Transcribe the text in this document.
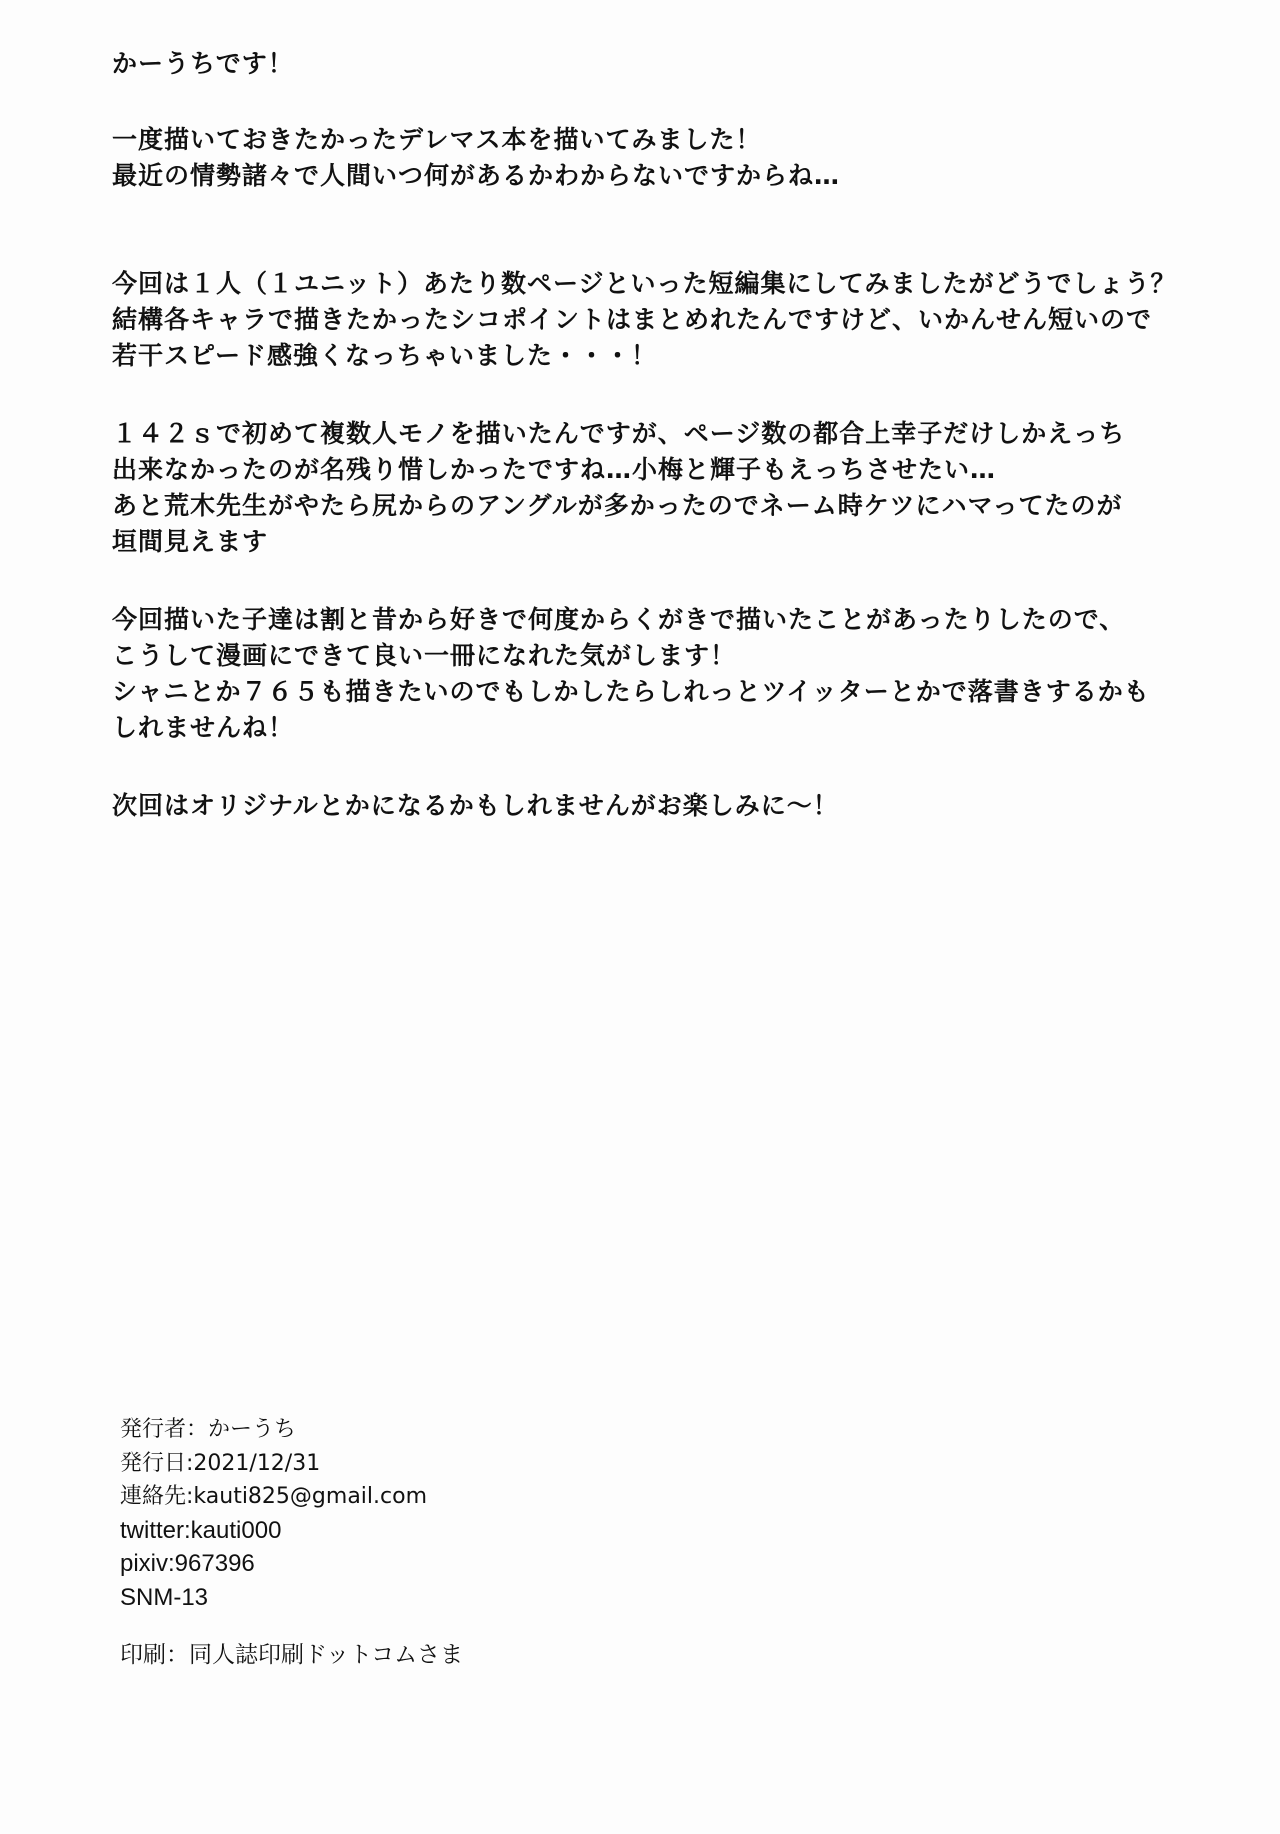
かーうちです！
一度描いておきたかったデレマス本を描いてみました！
最近の情勢諸々で人間いつ何があるかわからないですからね…
今回は１人（１ユニット）あたり数ページといった短編集にしてみましたがどうでしょう？
結構各キャラで描きたかったシコポイントはまとめれたんですけど、いかんせん短いので
若干スピード感強くなっちゃいました・・・！
１４２ｓで初めて複数人モノを描いたんですが、ページ数の都合上幸子だけしかえっち
出来なかったのが名残り惜しかったですね…小梅と輝子もえっちさせたい…
あと荒木先生がやたら尻からのアングルが多かったのでネーム時ケツにハマってたのが
垣間見えます
今回描いた子達は割と昔から好きで何度からくがきで描いたことがあったりしたので、
こうして漫画にできて良い一冊になれた気がします！
シャニとか７６５も描きたいのでもしかしたらしれっとツイッターとかで落書きするかも
しれませんね！
次回はオリジナルとかになるかもしれませんがお楽しみに〜！
発行者：かーうち
発行日:2021/12/31
連絡先:kauti825@gmail.com
twitter:kauti000
pixiv:967396
SNM-13
印刷：同人誌印刷ドットコムさま
